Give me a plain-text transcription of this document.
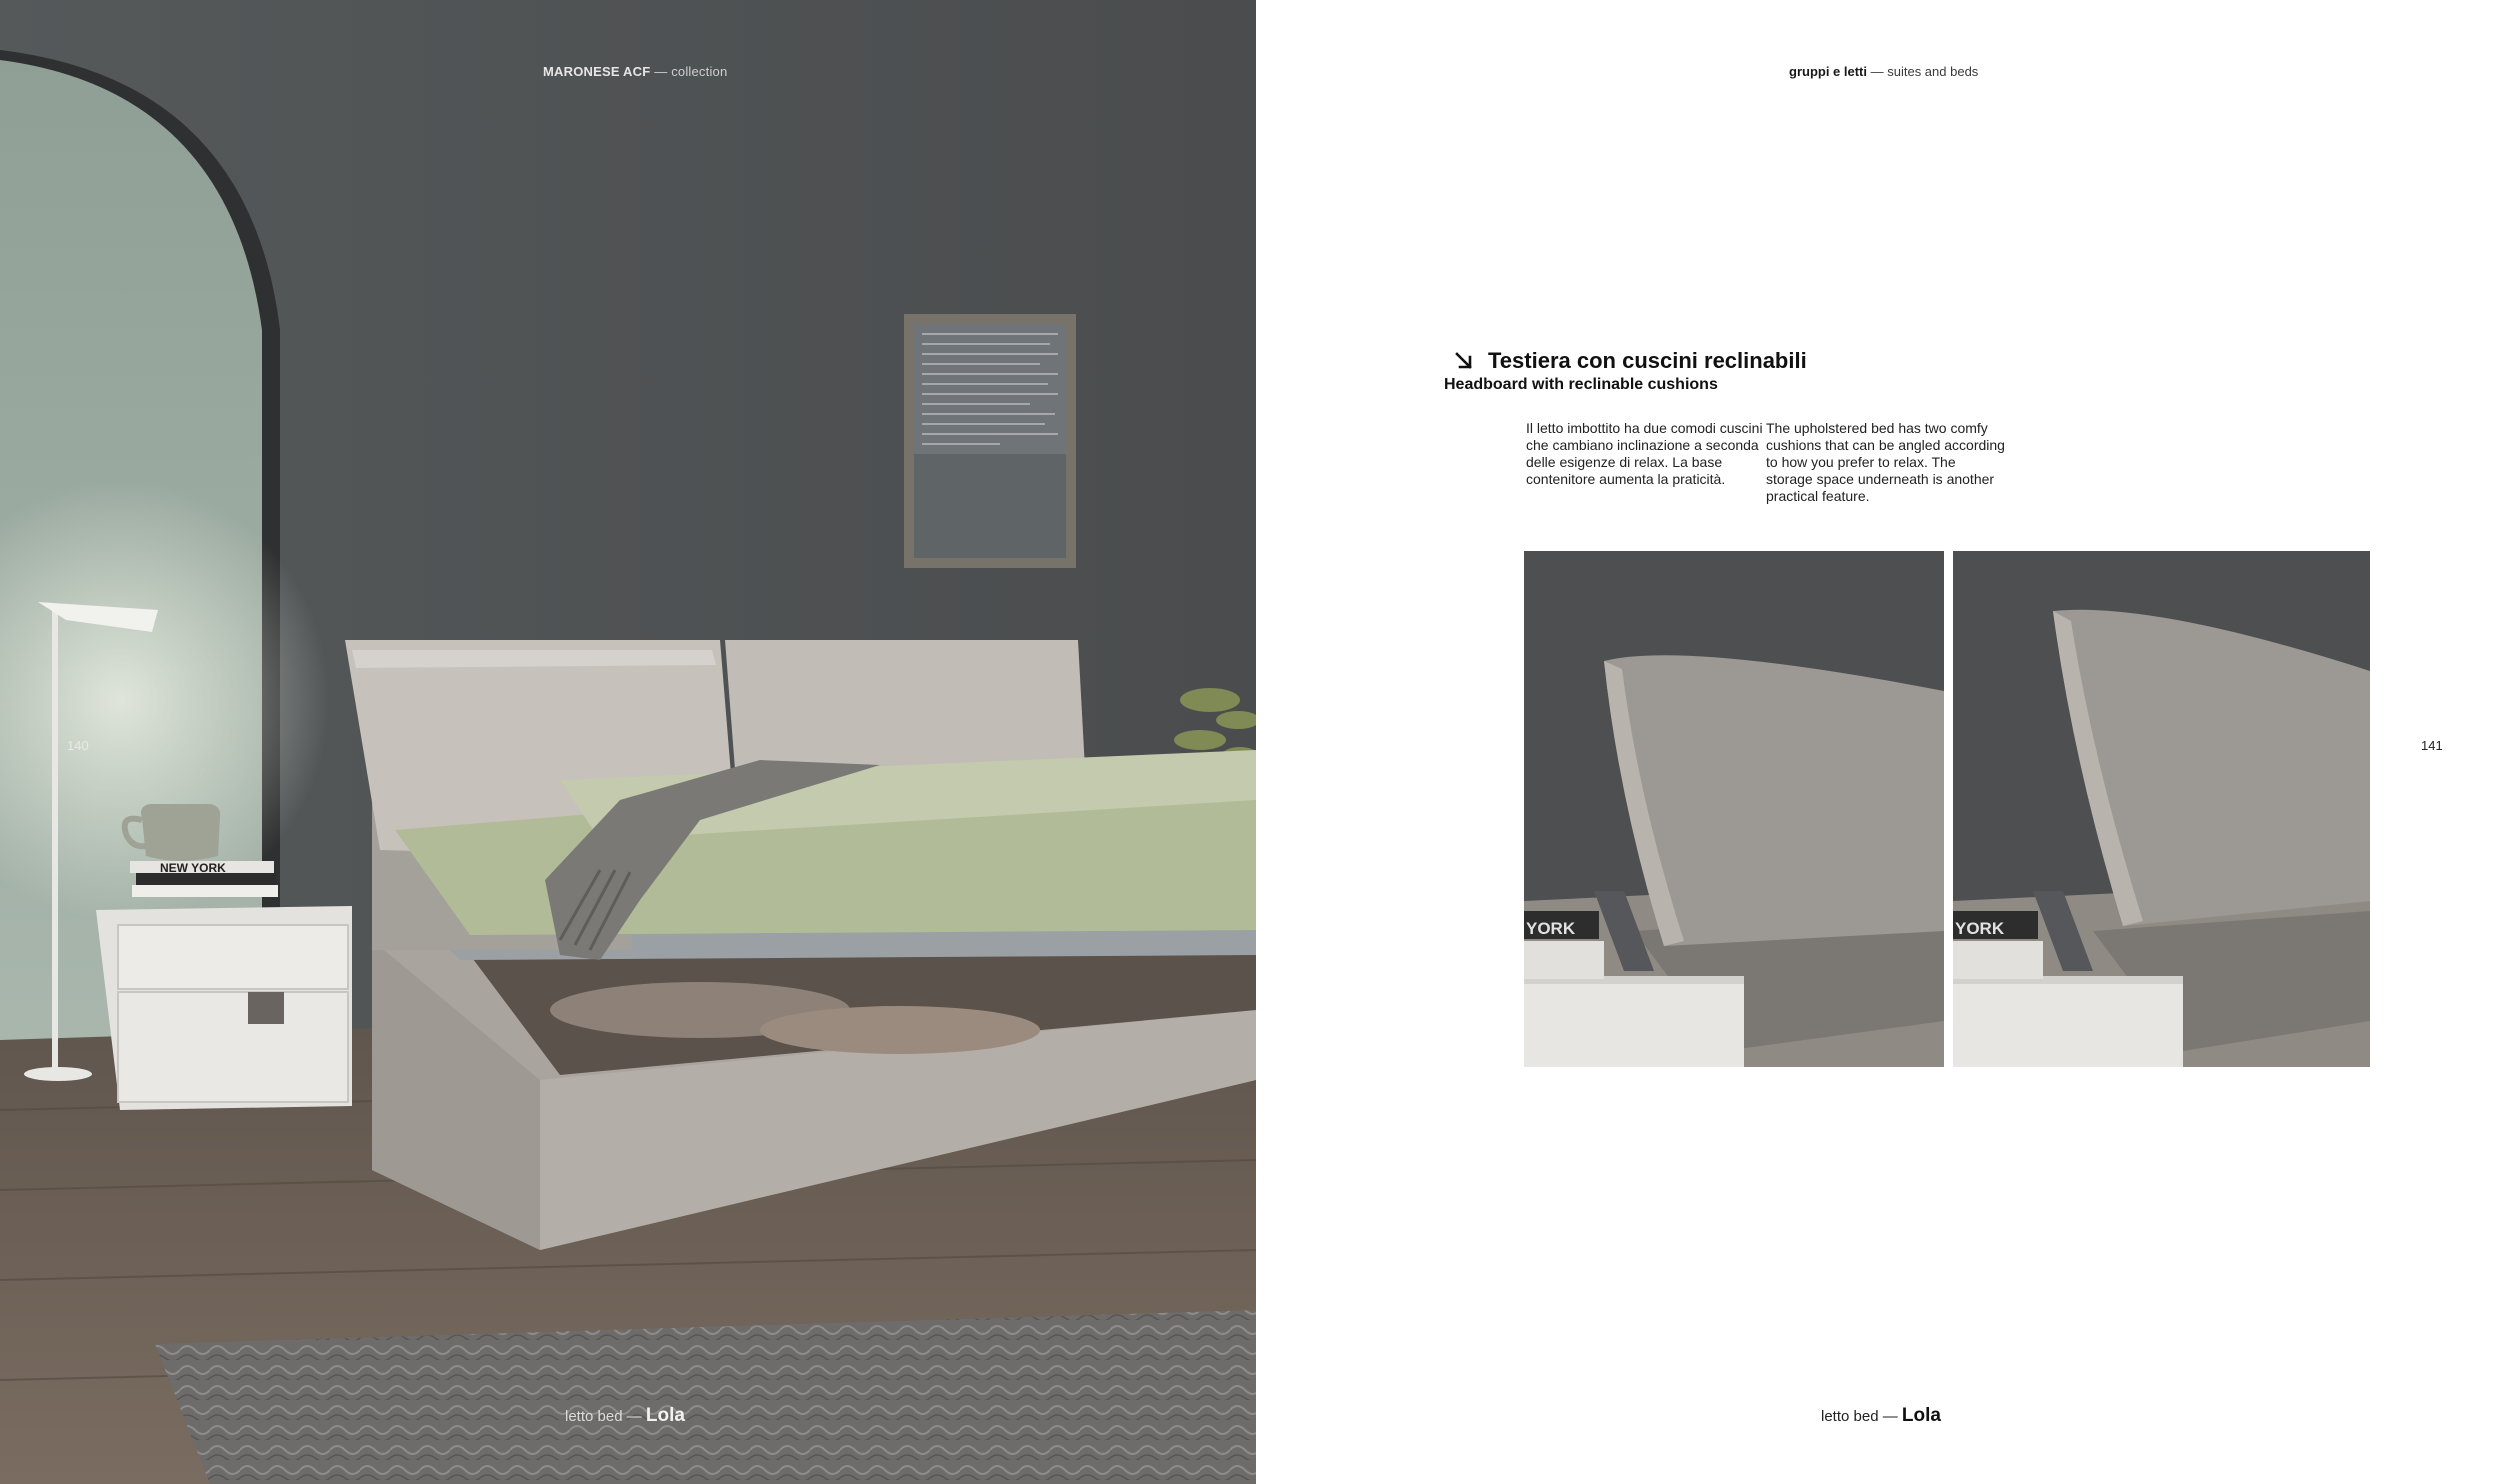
NEW YORK
MARONESE ACF — collection
140
letto bed — Lola
gruppi e letti — suites and beds
Testiera con cuscini reclinabili
Headboard with reclinable cushions
Il letto imbottito ha due comodi cuscini che cambiano inclinazione a seconda delle esigenze di relax. La base contenitore aumenta la praticità.
The upholstered bed has two comfy cushions that can be angled according to how you prefer to relax. The storage space underneath is another practical feature.
YORK	YORK
141
letto bed — Lola
